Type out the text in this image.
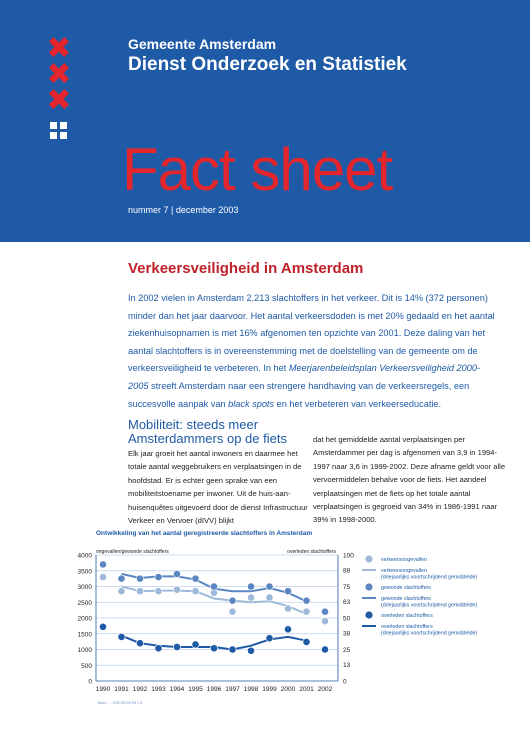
✖
✖
✖
Gemeente Amsterdam
Dienst Onderzoek en Statistiek
Fact sheet
nummer 7 | december 2003
Verkeersveiligheid in Amsterdam
In 2002 vielen in Amsterdam 2.213 slachtoffers in het verkeer. Dit is 14% (372 personen) minder dan het jaar daarvoor. Het aantal verkeersdoden is met 20% gedaald en het aantal ziekenhuisopnamen is met 16% afgenomen ten opzichte van 2001. Deze daling van het aantal slachtoffers is in overeenstemming met de doelstelling van de gemeente om de verkeersveiligheid te verbeteren. In het Meerjarenbeleidsplan Verkeersveiligheid 2000-2005 streeft Amsterdam naar een strengere handhaving van de verkeersregels, een succesvolle aanpak van black spots en het verbeteren van verkeerseducatie.
Mobiliteit: steeds meer Amsterdammers op de fiets
Elk jaar groeit het aantal inwoners en daarmee het totale aantal weggebruikers en verplaatsingen in de hoofdstad. Er is echter geen sprake van een mobiliteitstoename per inwoner. Uit de huis-aan-huisenquêtes uitgevoerd door de dienst Infrastructuur Verkeer en Vervoer (dIVV) blijkt
dat het gemiddelde aantal verplaatsingen per Amsterdammer per dag is afgenomen van 3,9 in 1994-1997 naar 3,6 in 1999-2002. Deze afname geldt voor alle vervoermiddelen behalve voor de fiets. Het aandeel verplaatsingen met de fiets op het totale aantal verplaatsingen is gegroeid van 34% in 1986-1991 naar 39% in 1998-2000.
Ontwikkeling van het aantal geregistreerde slachtoffers in Amsterdam
0
500
1000
1500
2000
2500
3000
3500
4000
0
13
25
38
50
63
75
88
100
1990 1991 1992 1993 1994 1995 1996 1997 1998 1999 2000 2001 2002
ongevallen/gewonde slachtoffers	overleden slachtoffers
verkeersongevallen
verkeersongevallen
(driejaarlijks voortschrijdend gemiddelde)
gewonde slachtoffers
gewonde slachtoffers
(driejaarlijks voortschrijdend gemiddelde)
overleden slachtoffers
overleden slachtoffers
(driejaarlijks voortschrijdend gemiddelde)
Bron: ... KIS 00 09 03 • 3
